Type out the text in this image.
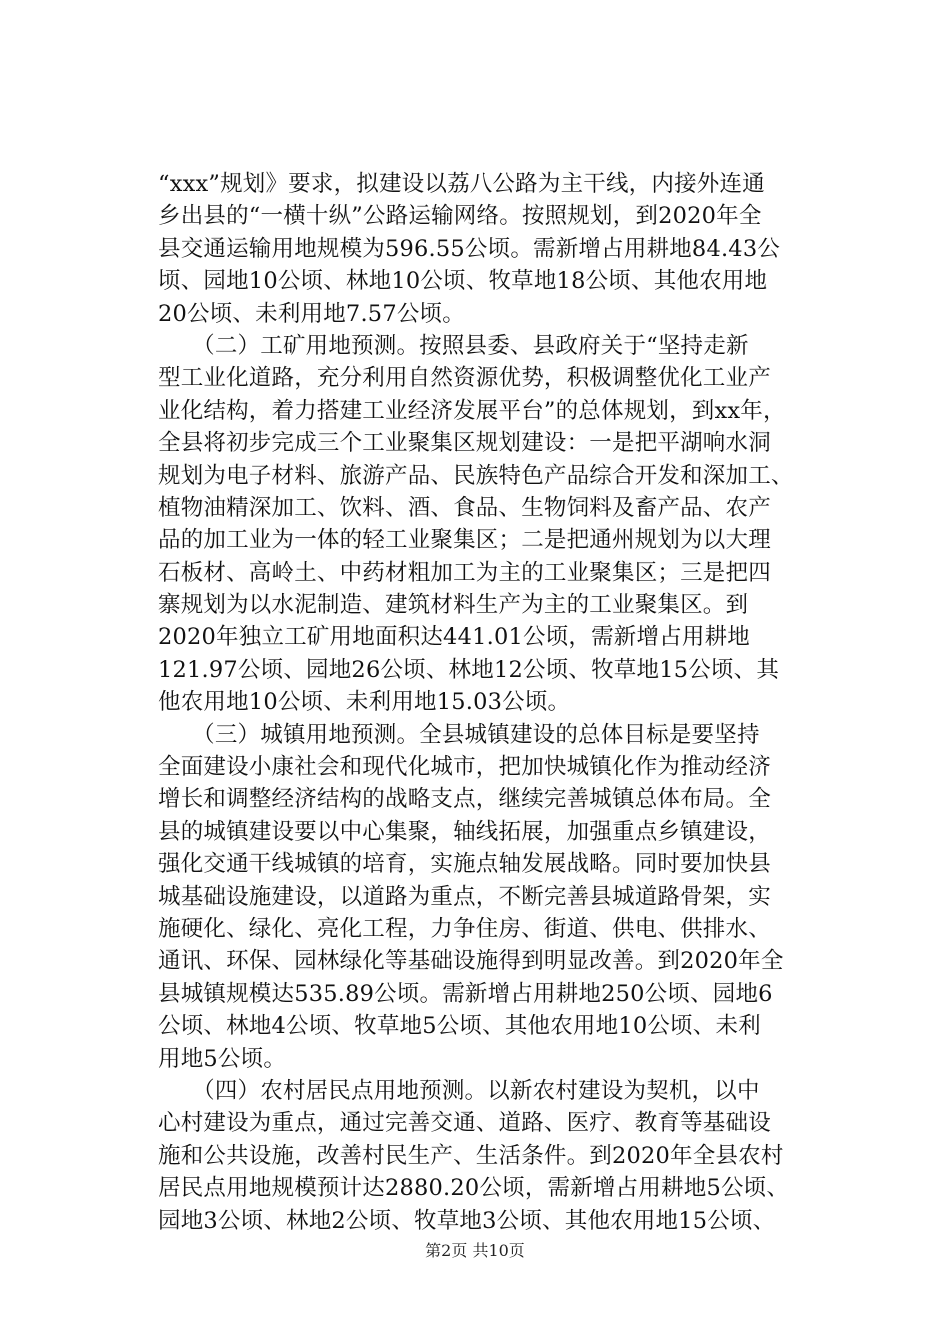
“xxx”规划》要求，拟建设以荔八公路为主干线，内接外连通
乡出县的“一横十纵”公路运输网络。按照规划，到2020年全
县交通运输用地规模为596.55公顷。需新增占用耕地84.43公
顷、园地10公顷、林地10公顷、牧草地18公顷、其他农用地
20公顷、未利用地7.57公顷。
　　（二）工矿用地预测。按照县委、县政府关于“坚持走新
型工业化道路，充分利用自然资源优势，积极调整优化工业产
业化结构，着力搭建工业经济发展平台”的总体规划，到xx年，
全县将初步完成三个工业聚集区规划建设：一是把平湖响水洞
规划为电子材料、旅游产品、民族特色产品综合开发和深加工、
植物油精深加工、饮料、酒、食品、生物饲料及畜产品、农产
品的加工业为一体的轻工业聚集区；二是把通州规划为以大理
石板材、高岭土、中药材粗加工为主的工业聚集区；三是把四
寨规划为以水泥制造、建筑材料生产为主的工业聚集区。到
2020年独立工矿用地面积达441.01公顷，需新增占用耕地
121.97公顷、园地26公顷、林地12公顷、牧草地15公顷、其
他农用地10公顷、未利用地15.03公顷。
　　（三）城镇用地预测。全县城镇建设的总体目标是要坚持
全面建设小康社会和现代化城市，把加快城镇化作为推动经济
增长和调整经济结构的战略支点，继续完善城镇总体布局。全
县的城镇建设要以中心集聚，轴线拓展，加强重点乡镇建设，
强化交通干线城镇的培育，实施点轴发展战略。同时要加快县
城基础设施建设，以道路为重点，不断完善县城道路骨架，实
施硬化、绿化、亮化工程，力争住房、街道、供电、供排水、
通讯、环保、园林绿化等基础设施得到明显改善。到2020年全
县城镇规模达535.89公顷。需新增占用耕地250公顷、园地6
公顷、林地4公顷、牧草地5公顷、其他农用地10公顷、未利
用地5公顷。
　　（四）农村居民点用地预测。以新农村建设为契机，以中
心村建设为重点，通过完善交通、道路、医疗、教育等基础设
施和公共设施，改善村民生产、生活条件。到2020年全县农村
居民点用地规模预计达2880.20公顷，需新增占用耕地5公顷、
园地3公顷、林地2公顷、牧草地3公顷、其他农用地15公顷、
第2页 共10页
